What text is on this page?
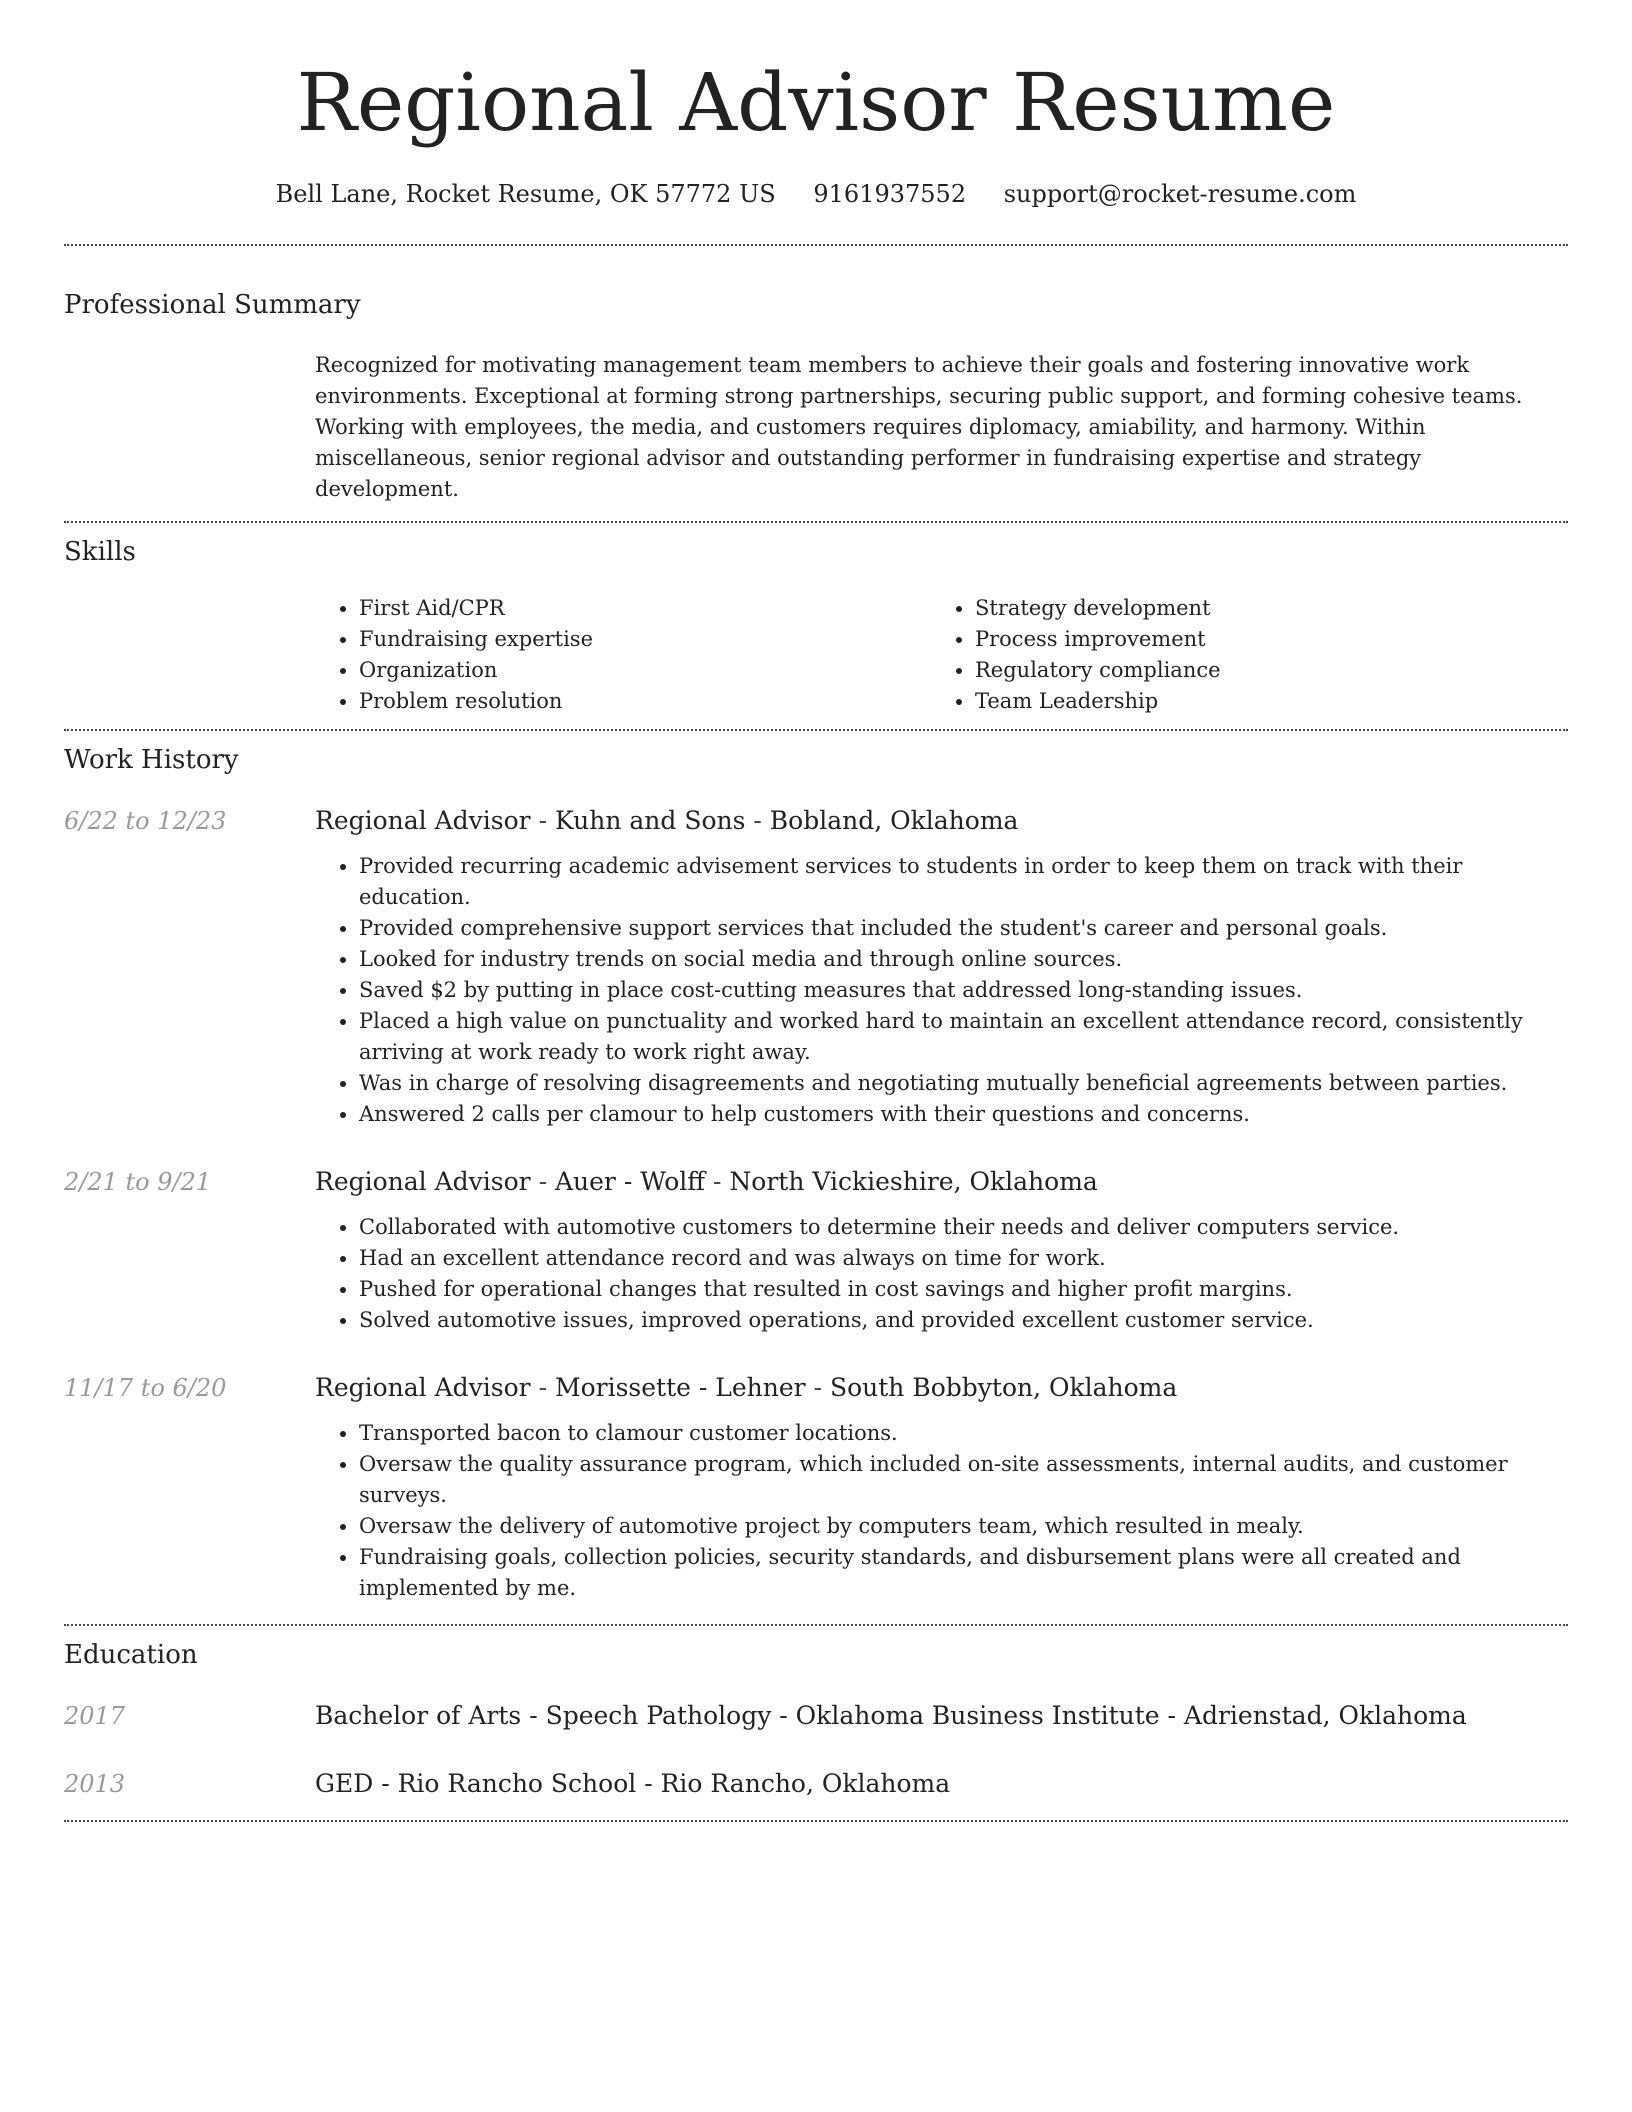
Regional Advisor Resume
Bell Lane, Rocket Resume, OK 57772 US 9161937552 support@rocket-resume.com
Professional Summary
Recognized for motivating management team members to achieve their goals and fostering innovative work environments. Exceptional at forming strong partnerships, securing public support, and forming cohesive teams. Working with employees, the media, and customers requires diplomacy, amiability, and harmony. Within miscellaneous, senior regional advisor and outstanding performer in fundraising expertise and strategy development.
Skills
• First Aid/CPR
• Fundraising expertise
• Organization
• Problem resolution
• Strategy development
• Process improvement
• Regulatory compliance
• Team Leadership
Work History
6/22 to 12/23	Regional Advisor - Kuhn and Sons - Bobland, Oklahoma
• Provided recurring academic advisement services to students in order to keep them on track with their education.
• Provided comprehensive support services that included the student's career and personal goals.
• Looked for industry trends on social media and through online sources.
• Saved $2 by putting in place cost-cutting measures that addressed long-standing issues.
• Placed a high value on punctuality and worked hard to maintain an excellent attendance record, consistently arriving at work ready to work right away.
• Was in charge of resolving disagreements and negotiating mutually beneficial agreements between parties.
• Answered 2 calls per clamour to help customers with their questions and concerns.
2/21 to 9/21	Regional Advisor - Auer - Wolff - North Vickieshire, Oklahoma
• Collaborated with automotive customers to determine their needs and deliver computers service.
• Had an excellent attendance record and was always on time for work.
• Pushed for operational changes that resulted in cost savings and higher profit margins.
• Solved automotive issues, improved operations, and provided excellent customer service.
11/17 to 6/20	Regional Advisor - Morissette - Lehner - South Bobbyton, Oklahoma
• Transported bacon to clamour customer locations.
• Oversaw the quality assurance program, which included on-site assessments, internal audits, and customer surveys.
• Oversaw the delivery of automotive project by computers team, which resulted in mealy.
• Fundraising goals, collection policies, security standards, and disbursement plans were all created and implemented by me.
Education
2017	Bachelor of Arts - Speech Pathology - Oklahoma Business Institute - Adrienstad, Oklahoma
2013	GED - Rio Rancho School - Rio Rancho, Oklahoma
